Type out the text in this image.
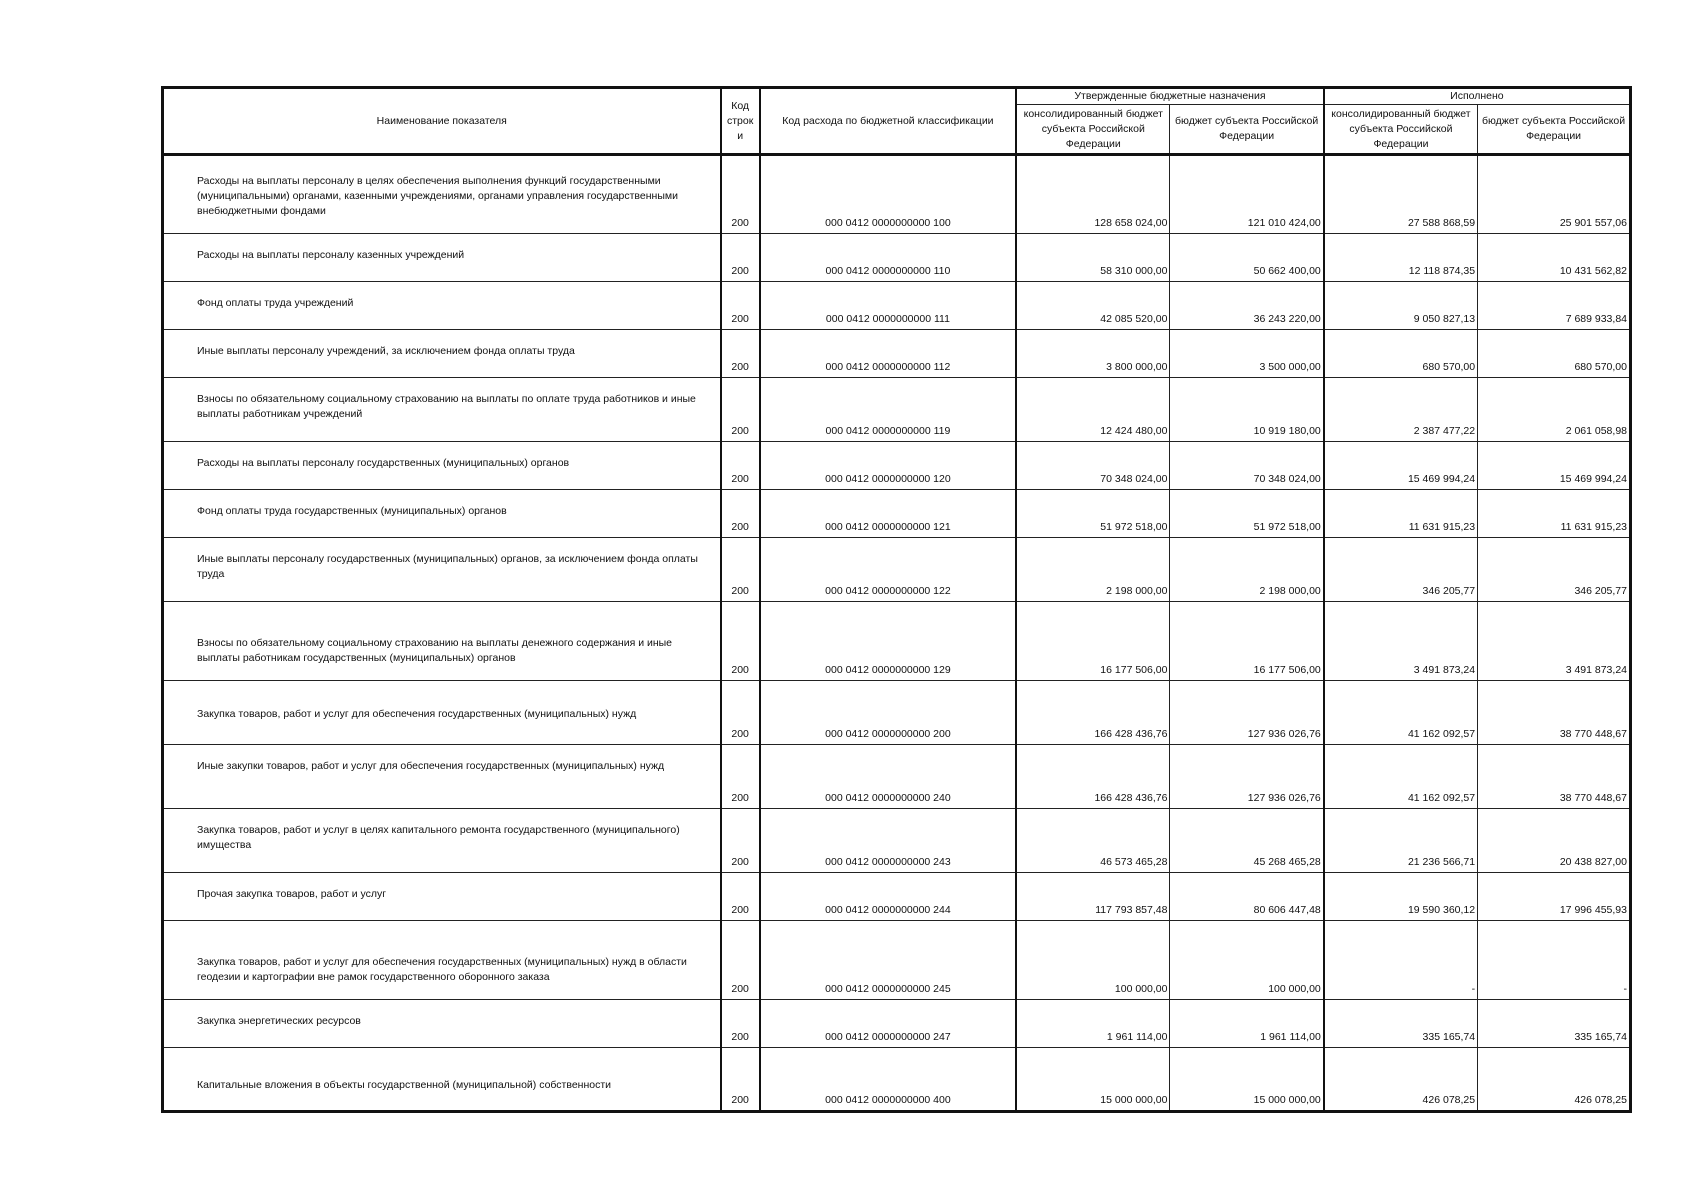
Наименование показателя	Код строк и	Код расхода по бюджетной классификации	Утвержденные бюджетные назначения		Исполнено	
			консолидированный бюджет субъекта Российской Федерации	бюджет субъекта Российской Федерации	консолидированный бюджет субъекта Российской Федерации	бюджет субъекта Российской Федерации

Расходы на выплаты персоналу в целях обеспечения выполнения функций государственными (муниципальными) органами, казенными учреждениями, органами управления государственными внебюджетными фондами	200	000 0412 0000000000 100	128 658 024,00	121 010 424,00	27 588 868,59	25 901 557,06

Расходы на выплаты персоналу казенных учреждений	200	000 0412 0000000000 110	58 310 000,00	50 662 400,00	12 118 874,35	10 431 562,82

Фонд оплаты труда учреждений	200	000 0412 0000000000 111	42 085 520,00	36 243 220,00	9 050 827,13	7 689 933,84

Иные выплаты персоналу учреждений, за исключением фонда оплаты труда	200	000 0412 0000000000 112	3 800 000,00	3 500 000,00	680 570,00	680 570,00

Взносы по обязательному социальному страхованию на выплаты по оплате труда работников и иные выплаты работникам учреждений	200	000 0412 0000000000 119	12 424 480,00	10 919 180,00	2 387 477,22	2 061 058,98

Расходы на выплаты персоналу государственных (муниципальных) органов	200	000 0412 0000000000 120	70 348 024,00	70 348 024,00	15 469 994,24	15 469 994,24

Фонд оплаты труда государственных (муниципальных) органов	200	000 0412 0000000000 121	51 972 518,00	51 972 518,00	11 631 915,23	11 631 915,23

Иные выплаты персоналу государственных (муниципальных) органов, за исключением фонда оплаты труда	200	000 0412 0000000000 122	2 198 000,00	2 198 000,00	346 205,77	346 205,77

Взносы по обязательному социальному страхованию на выплаты денежного содержания и иные выплаты работникам государственных (муниципальных) органов	200	000 0412 0000000000 129	16 177 506,00	16 177 506,00	3 491 873,24	3 491 873,24

Закупка товаров, работ и услуг для обеспечения государственных (муниципальных) нужд	200	000 0412 0000000000 200	166 428 436,76	127 936 026,76	41 162 092,57	38 770 448,67

Иные закупки товаров, работ и услуг для обеспечения государственных (муниципальных) нужд	200	000 0412 0000000000 240	166 428 436,76	127 936 026,76	41 162 092,57	38 770 448,67

Закупка товаров, работ и услуг в целях капитального ремонта государственного (муниципального) имущества	200	000 0412 0000000000 243	46 573 465,28	45 268 465,28	21 236 566,71	20 438 827,00

Прочая закупка товаров, работ и услуг	200	000 0412 0000000000 244	117 793 857,48	80 606 447,48	19 590 360,12	17 996 455,93

Закупка товаров, работ и услуг для обеспечения государственных (муниципальных) нужд в области геодезии и картографии вне рамок государственного оборонного заказа	200	000 0412 0000000000 245	100 000,00	100 000,00	-	-

Закупка энергетических ресурсов	200	000 0412 0000000000 247	1 961 114,00	1 961 114,00	335 165,74	335 165,74

Капитальные вложения в объекты государственной (муниципальной) собственности	200	000 0412 0000000000 400	15 000 000,00	15 000 000,00	426 078,25	426 078,25
